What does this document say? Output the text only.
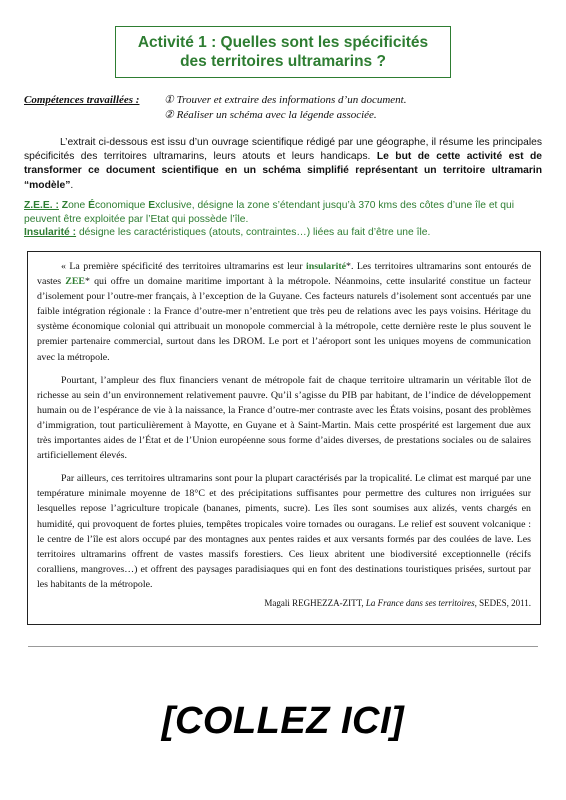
Activité 1 : Quelles sont les spécificités
des territoires ultramarins ?
Compétences travaillées : ① Trouver et extraire des informations d’un document.
② Réaliser un schéma avec la légende associée.
L’extrait ci-dessous est issu d’un ouvrage scientifique rédigé par une géographe, il résume les principales spécificités des territoires ultramarins, leurs atouts et leurs handicaps. Le but de cette activité est de transformer ce document scientifique en un schéma simplifié représentant un territoire ultramarin “modèle”.
Z.E.E. : Zone Économique Exclusive, désigne la zone s’étendant jusqu’à 370 kms des côtes d’une île et qui peuvent être exploitée par l’Etat qui possède l’île.
Insularité : désigne les caractéristiques (atouts, contraintes…) liées au fait d’être une île.

« La première spécificité des territoires ultramarins est leur insularité*. Les territoires ultramarins sont entourés de vastes ZEE* qui offre un domaine maritime important à la métropole. Néanmoins, cette insularité constitue un facteur d’isolement pour l’outre-mer français, à l’exception de la Guyane. Ces facteurs naturels d’isolement sont accentués par une faible intégration régionale : la France d’outre-mer n’entretient que très peu de relations avec les pays voisins. Héritage du système économique colonial qui attribuait un monopole commercial à la métropole, cette dernière reste le plus souvent le premier partenaire commercial, surtout dans les DROM. Le port et l’aéroport sont les uniques moyens de communication avec la métropole.

Pourtant, l’ampleur des flux financiers venant de métropole fait de chaque territoire ultramarin un véritable îlot de richesse au sein d’un environnement relativement pauvre. Qu’il s’agisse du PIB par habitant, de l’indice de développement humain ou de l’espérance de vie à la naissance, la France d’outre-mer contraste avec les États voisins, posant des problèmes d’immigration, tout particulièrement à Mayotte, en Guyane et à Saint-Martin. Mais cette prospérité est largement due aux très importantes aides de l’État et de l’Union européenne sous forme d’aides diverses, de prestations sociales ou de salaires artificiellement élevés.

Par ailleurs, ces territoires ultramarins sont pour la plupart caractérisés par la tropicalité. Le climat est marqué par une température minimale moyenne de 18°C et des précipitations suffisantes pour permettre des cultures non irriguées sur lesquelles repose l’agriculture tropicale (bananes, piments, sucre). Les îles sont soumises aux alizés, vents chargés en humidité, qui provoquent de fortes pluies, tempêtes tropicales voire tornades ou ouragans. Le relief est souvent volcanique : le centre de l’île est alors occupé par des montagnes aux pentes raides et aux versants formés par des coulées de lave. Les territoires ultramarins offrent de vastes massifs forestiers. Ces lieux abritent une biodiversité exceptionnelle (récifs coralliens, mangroves…) et offrent des paysages paradisiaques qui en font des destinations touristiques prisées, surtout par les habitants de la métropole.

Magali REGHEZZA-ZITT, La France dans ses territoires, SEDES, 2011.

[COLLEZ ICI]
